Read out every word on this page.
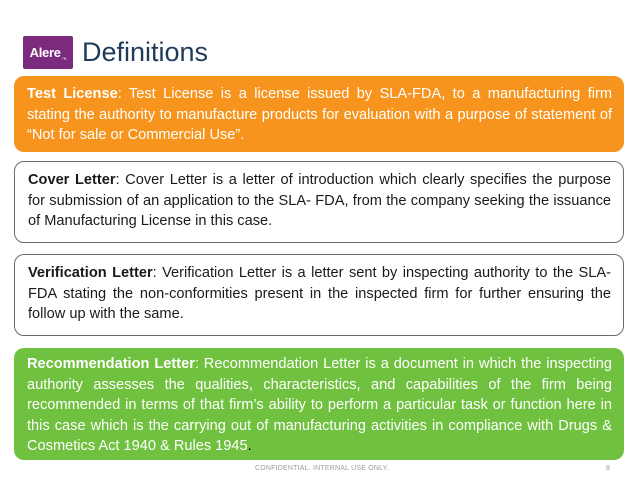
Alere ™ Definitions
Test License: Test License is a license issued by SLA-FDA, to a manufacturing firm stating the authority to manufacture products for evaluation with a purpose of statement of “Not for sale or Commercial Use”.
Cover Letter: Cover Letter is a letter of introduction which clearly specifies the purpose for submission of an application to the SLA- FDA, from the company seeking the issuance of Manufacturing License in this case.
Verification Letter: Verification Letter is a letter sent by inspecting authority to the SLA-FDA stating the non-conformities present in the inspected firm for further ensuring the follow up with the same.
Recommendation Letter: Recommendation Letter is a document in which the inspecting authority assesses the qualities, characteristics, and capabilities of the firm being recommended in terms of that firm’s ability to perform a particular task or function here in this case which is the carrying out of manufacturing activities in compliance with Drugs & Cosmetics Act 1940 & Rules 1945.
CONFIDENTIAL. INTERNAL USE ONLY.	8
